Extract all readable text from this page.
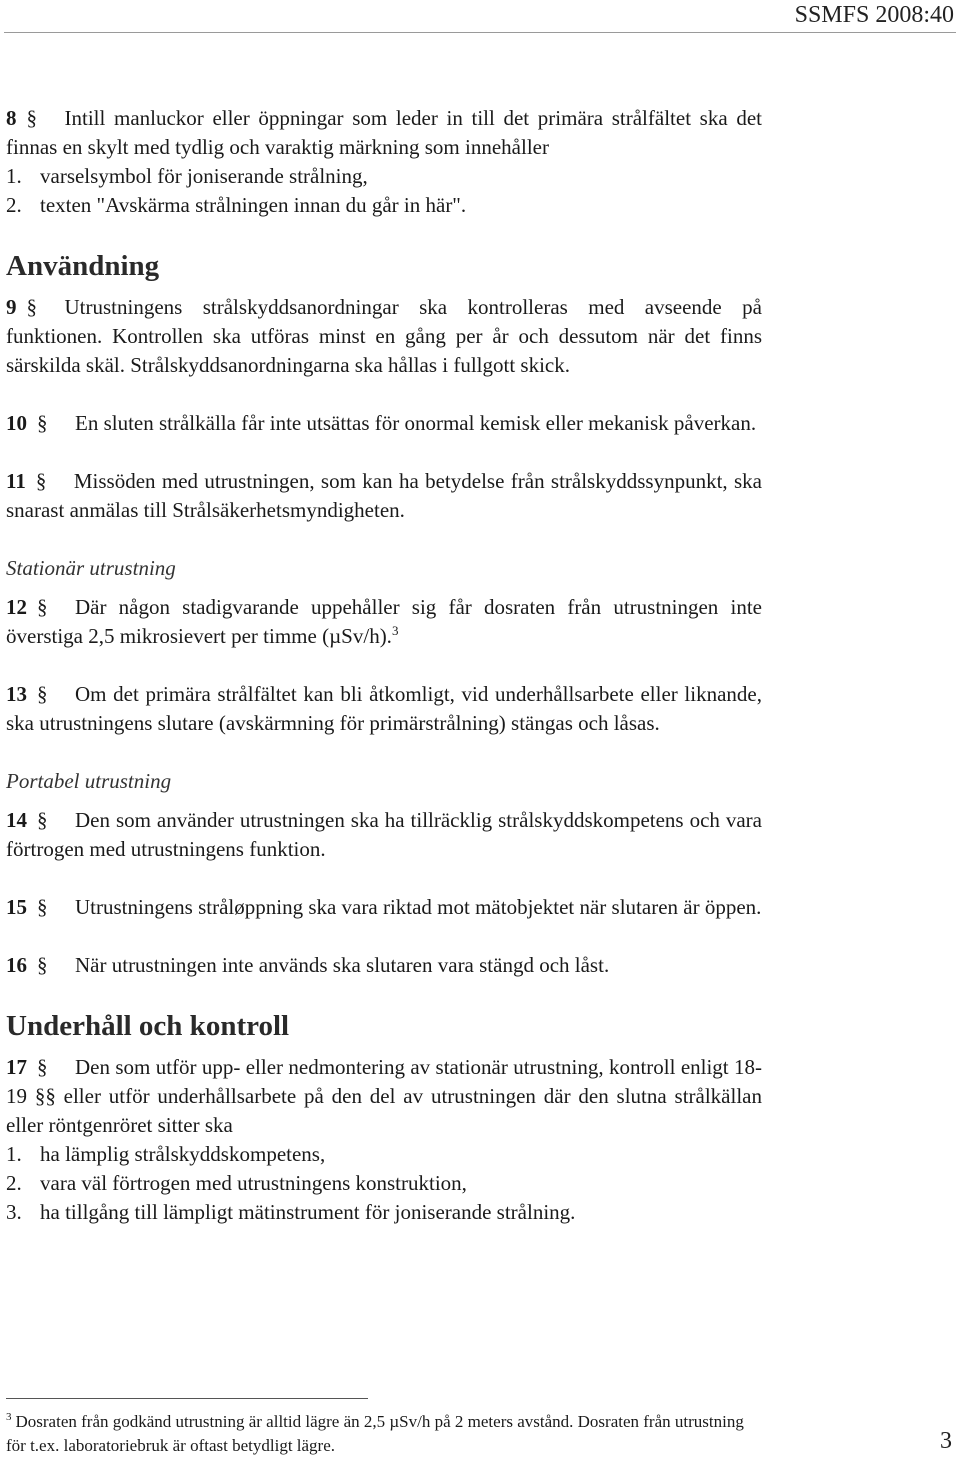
SSMFS 2008:40

8 § Intill manluckor eller öppningar som leder in till det primära strålfältet ska det finnas en skylt med tydlig och varaktig märkning som innehåller

1. varselsymbol för joniserande strålning,
2. texten "Avskärma strålningen innan du går in här".
Användning

9 § Utrustningens strålskyddsanordningar ska kontrolleras med avseende på funktionen. Kontrollen ska utföras minst en gång per år och dessutom när det finns särskilda skäl. Strålskyddsanordningarna ska hållas i fullgott skick.

10 § En sluten strålkälla får inte utsättas för onormal kemisk eller mekanisk påverkan.

11 § Missöden med utrustningen, som kan ha betydelse från strålskyddssynpunkt, ska snarast anmälas till Strålsäkerhetsmyndigheten.

Stationär utrustning

12 § Där någon stadigvarande uppehåller sig får dosraten från utrustningen inte överstiga 2,5 mikrosievert per timme (µSv/h).$^3$

13 § Om det primära strålfältet kan bli åtkomligt, vid underhållsarbete eller liknande, ska utrustningens slutare (avskärmning för primärstrålning) stängas och låsas.

Portabel utrustning

14 § Den som använder utrustningen ska ha tillräcklig strålskyddskompetens och vara förtrogen med utrustningens funktion.

15 § Utrustningens stråløppning ska vara riktad mot mätobjektet när slutaren är öppen.

16 § När utrustningen inte används ska slutaren vara stängd och låst.

Underhåll och kontroll

17 § Den som utför upp- eller nedmontering av stationär utrustning, kontroll enligt 18-19 §§ eller utför underhållsarbete på den del av utrustningen där den slutna strålkällan eller röntgenröret sitter ska

1. ha lämplig strålskyddskompetens,
2. vara väl förtrogen med utrustningens konstruktion,
3. ha tillgång till lämpligt mätinstrument för joniserande strålning.
$^3$ Dosraten från godkänd utrustning är alltid lägre än 2,5 µSv/h på 2 meters avstånd. Dosraten från utrustning för t.ex. laboratoriebruk är oftast betydligt lägre.	3
